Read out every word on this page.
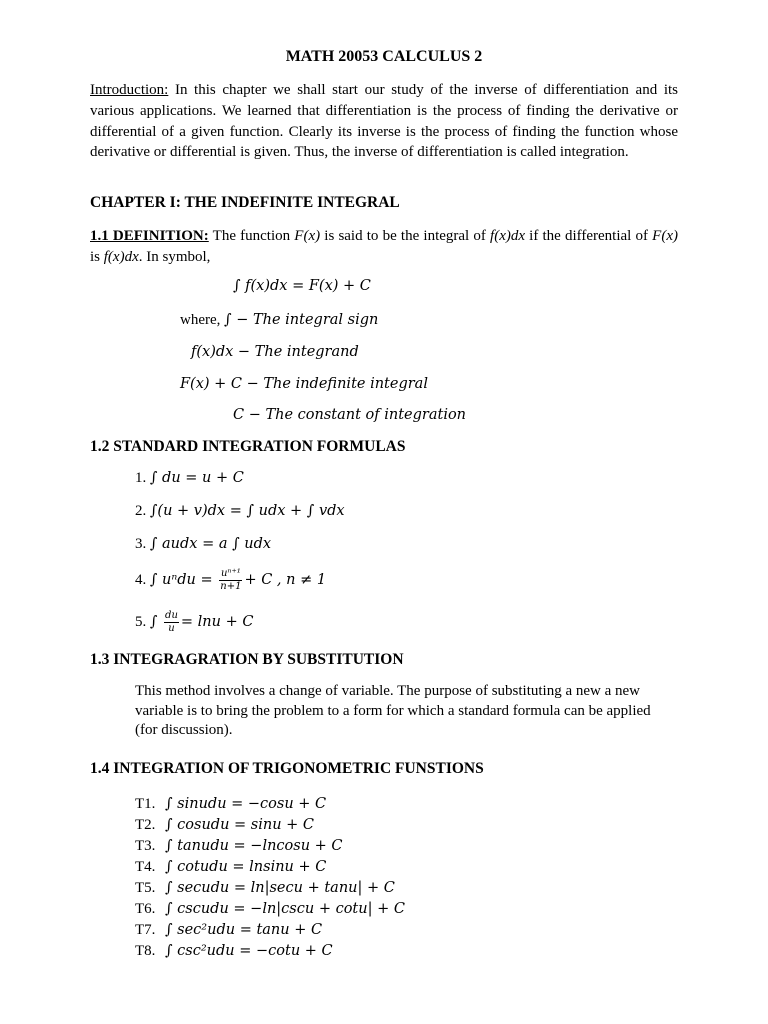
MATH 20053 CALCULUS 2
Introduction: In this chapter we shall start our study of the inverse of differentiation and its various applications. We learned that differentiation is the process of finding the derivative or differential of a given function. Clearly its inverse is the process of finding the function whose derivative or differential is given. Thus, the inverse of differentiation is called integration.
CHAPTER I: THE INDEFINITE INTEGRAL
1.1 DEFINITION: The function F(x) is said to be the integral of f(x)dx if the differential of F(x) is f(x)dx. In symbol,
∫ f(x)dx = F(x) + C
where, ∫ − The integral sign
f(x)dx − The integrand
F(x) + C − The indefinite integral
C − The constant of integration
1.2 STANDARD INTEGRATION FORMULAS
1. ∫ du = u + C
2. ∫(u + v)dx = ∫ udx + ∫ vdx
3. ∫ audx = a ∫ udx
4. ∫ $u^ndu = \frac{\text{uⁿ⁺¹}}{n+1} + C$ , n ≠ 1
5. ∫ $\frac{du}{u} = \ln u + C$
1.3 INTEGRAGRATION BY SUBSTITUTION
This method involves a change of variable. The purpose of substituting a new a new variable is to bring the problem to a form for which a standard formula can be applied (for discussion).
1.4 INTEGRATION OF TRIGONOMETRIC FUNSTIONS
T1. ∫ sinudu = −cosu + C
T2. ∫ cosudu = sinu + C
T3. ∫ tanudu = −lncosu + C
T4. ∫ cotudu = lnsinu + C
T5. ∫ secudu = ln|secu + tanu| + C
T6. ∫ cscudu = −ln|cscu + cotu| + C
T7. ∫ sec²udu = tanu + C
T8. ∫ csc²udu = −cotu + C
